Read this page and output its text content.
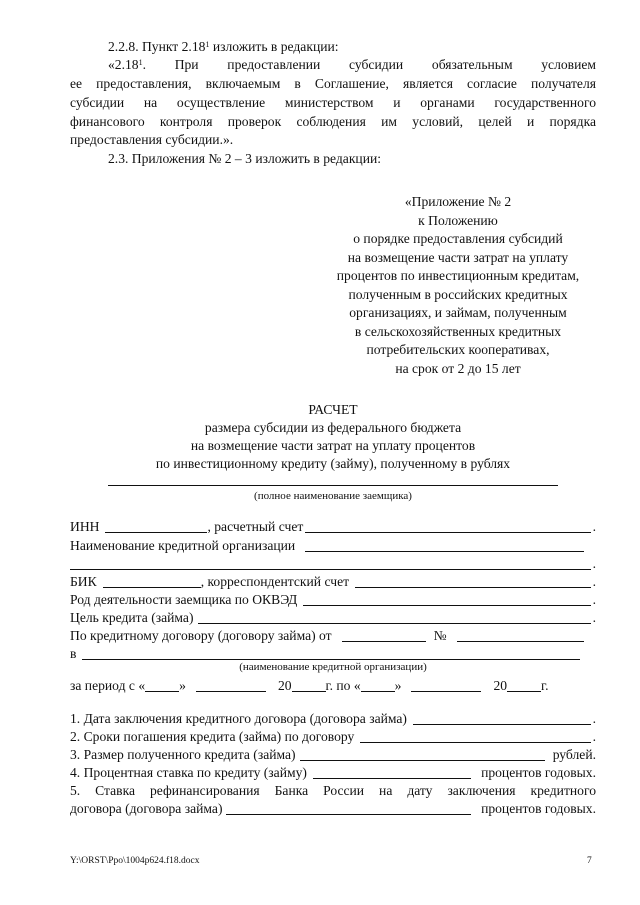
2.2.8. Пункт 2.18$^1$ изложить в редакции:
«2.18$^1$. При предоставлении субсидии обязательным условием
ее предоставления, включаемым в Соглашение, является согласие получателя
субсидии на осуществление министерством и органами государственного
финансового контроля проверок соблюдения им условий, целей и порядка
предоставления субсидии.».
2.3. Приложения № 2 – 3 изложить в редакции:
«Приложение № 2
к Положению
о порядке предоставления субсидий
на возмещение части затрат на уплату
процентов по инвестиционным кредитам,
полученным в российских кредитных
организациях, и займам, полученным
в сельскохозяйственных кредитных
потребительских кооперативах,
на срок от 2 до 15 лет
РАСЧЕТ
размера субсидии из федерального бюджета
на возмещение части затрат на уплату процентов
по инвестиционному кредиту (займу), полученному в рублях
(полное наименование заемщика)
ИНН	, расчетный счет	.
Наименование кредитной организации
.
БИК	, корреспондентский счет	.
Род деятельности заемщика по ОКВЭД	.
Цель кредита (займа)	.
По кредитному договору (договору займа) от	№
в
(наименование кредитной организации)
за период с «	»	20	г. по «	»	20	г.
1. Дата заключения кредитного договора (договора займа)	.
2. Сроки погашения кредита (займа) по договору	.
3. Размер полученного кредита (займа)	рублей.
4. Процентная ставка по кредиту (займу)	процентов годовых.
5. Ставка рефинансирования Банка России на дату заключения кредитного
договора (договора займа)	процентов годовых.
Y:\ORST\Ppo\1004p624.f18.docx	7
